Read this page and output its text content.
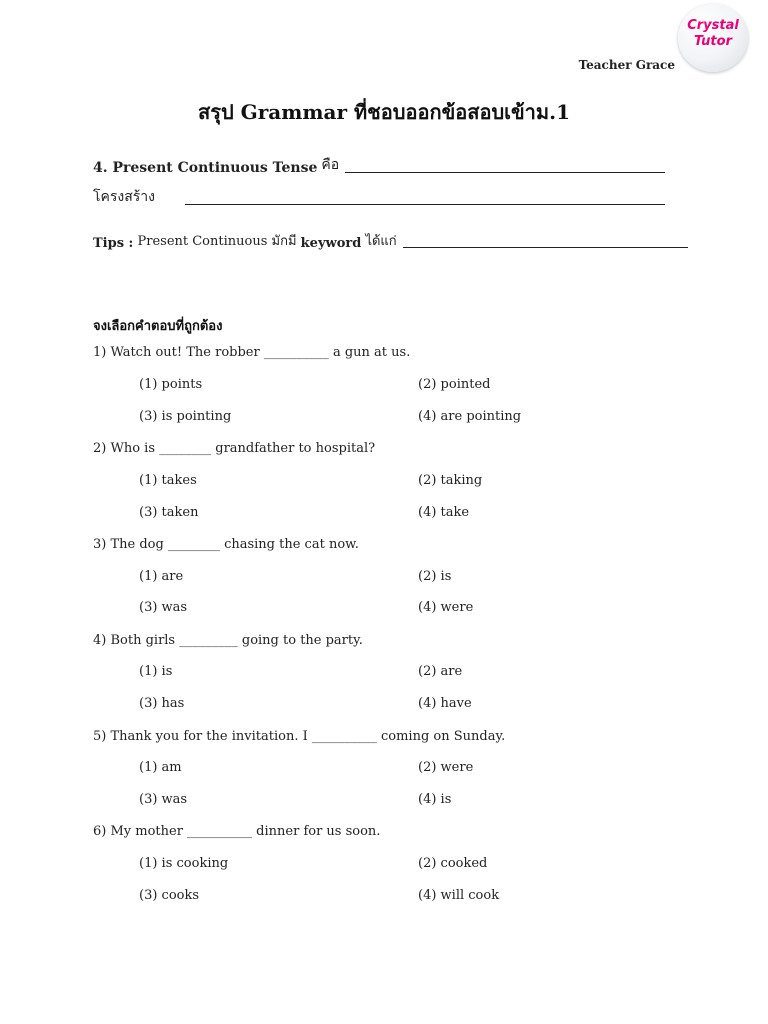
Crystal
Tutor
Teacher Grace
สรุป Grammar ที่ชอบออกข้อสอบเข้าม.1
4. Present Continuous Tense คือ
โครงสร้าง
Tips : Present Continuous มักมี keyword ได้แก่
จงเลือกคำตอบที่ถูกต้อง
1) Watch out! The robber __________ a gun at us.
(1) points	(2) pointed
(3) is pointing	(4) are pointing
2) Who is ________ grandfather to hospital?
(1) takes	(2) taking
(3) taken	(4) take
3) The dog ________ chasing the cat now.
(1) are	(2) is
(3) was	(4) were
4) Both girls _________ going to the party.
(1) is	(2) are
(3) has	(4) have
5) Thank you for the invitation. I __________ coming on Sunday.
(1) am	(2) were
(3) was	(4) is
6) My mother __________ dinner for us soon.
(1) is cooking	(2) cooked
(3) cooks	(4) will cook
